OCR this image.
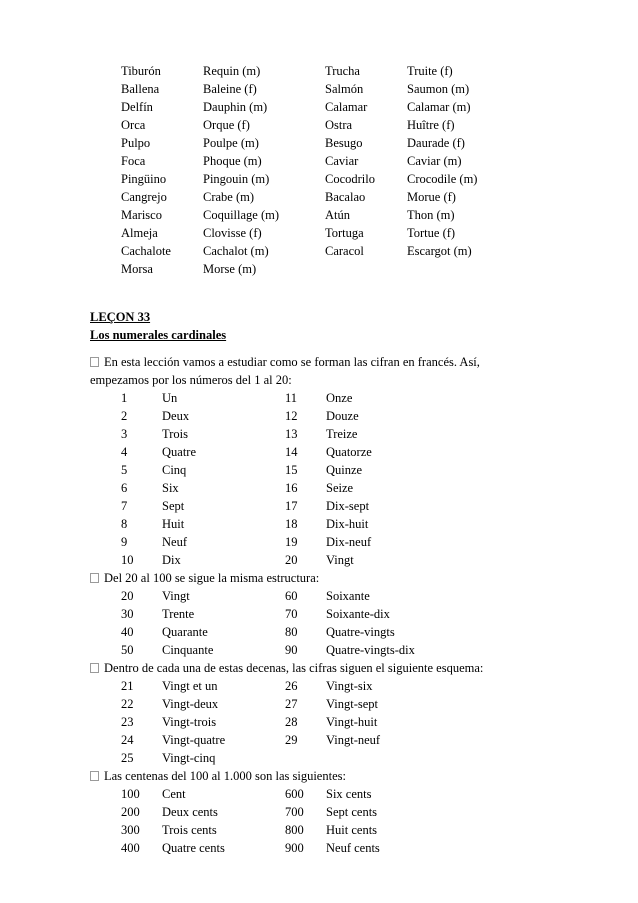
Tiburón	Requin (m)	Trucha	Truite (f)
Ballena	Baleine (f)	Salmón	Saumon (m)
Delfín	Dauphin (m)	Calamar	Calamar (m)
Orca	Orque (f)	Ostra	Huître (f)
Pulpo	Poulpe (m)	Besugo	Daurade (f)
Foca	Phoque (m)	Caviar	Caviar (m)
Pingüino	Pingouin (m)	Cocodrilo	Crocodile (m)
Cangrejo	Crabe (m)	Bacalao	Morue (f)
Marisco	Coquillage (m)	Atún	Thon (m)
Almeja	Clovisse (f)	Tortuga	Tortue (f)
Cachalote	Cachalot (m)	Caracol	Escargot (m)
Morsa	Morse (m)
LEÇON 33
Los numerales cardinales
En esta lección vamos a estudiar como se forman las cifran en francés. Así,
empezamos por los números del 1 al 20:
1	Un	11 Onze
2	Deux	12 Douze
3	Trois	13 Treize
4	Quatre	14 Quatorze
5	Cinq	15 Quinze
6	Six	16 Seize
7	Sept	17 Dix-sept
8	Huit	18 Dix-huit
9	Neuf	19 Dix-neuf
10 Dix	20 Vingt
Del 20 al 100 se sigue la misma estructura:
20 Vingt	60 Soixante
30 Trente	70 Soixante-dix
40 Quarante	80 Quatre-vingts
50 Cinquante	90 Quatre-vingts-dix
Dentro de cada una de estas decenas, las cifras siguen el siguiente esquema:
21 Vingt et un	26 Vingt-six
22 Vingt-deux	27 Vingt-sept
23 Vingt-trois	28 Vingt-huit
24 Vingt-quatre	29 Vingt-neuf
25 Vingt-cinq
Las centenas del 100 al 1.000 son las siguientes:
100 Cent	600 Six cents
200 Deux cents	700 Sept cents
300 Trois cents	800 Huit cents
400 Quatre cents	900 Neuf cents
